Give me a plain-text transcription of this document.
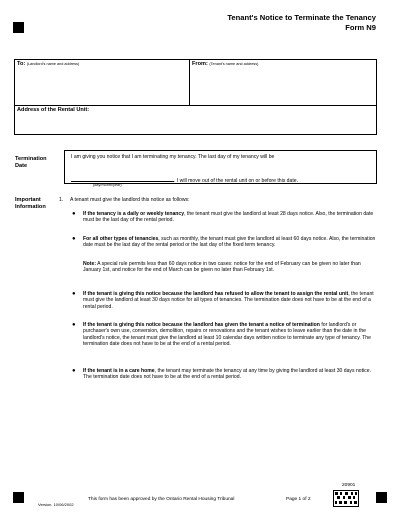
Tenant's Notice to Terminate the Tenancy
Form N9
To: (Landlord's name and address)	From: (Tenant's name and address)
Address of the Rental Unit:
Termination
Date
I am giving you notice that I am terminating my tenancy. The last day of my tenancy will be
. I will move out of the rental unit on or before this date.
(day/month/year)
Important
Information
1. A tenant must give the landlord this notice as follows:
●	If the tenancy is a daily or weekly tenancy, the tenant must give the landlord at least 28 days notice. Also, the termination date must be the last day of the rental period.
●	For all other types of tenancies, such as monthly, the tenant must give the landlord at least 60 days notice. Also, the termination date must be the last day of the rental period or the last day of the fixed term tenancy.
Note: A special rule permits less than 60 days notice in two cases: notice for the end of February can be given no later than January 1st, and notice for the end of March can be given no later than February 1st.
●	If the tenant is giving this notice because the landlord has refused to allow the tenant to assign the rental unit, the tenant must give the landlord at least 30 days notice for all types of tenancies. The termination date does not have to be at the end of a rental period.
●	If the tenant is giving this notice because the landlord has given the tenant a notice of termination for landlord's or purchaser's own use, conversion, demolition, repairs or renovations and the tenant wishes to leave earlier than the date in the landlord's notice, the tenant must give the landlord at least 10 calendar days written notice to terminate any type of tenancy. The termination date does not have to be at the end of a rental period.
●	If the tenant is in a care home, the tenant may terminate the tenancy at any time by giving the landlord at least 30 days notice. The termination date does not have to be at the end of a rental period.
20901
Version. 10/06/2002
This form has been approved by the Ontario Rental Housing Tribunal	Page 1 of 2
